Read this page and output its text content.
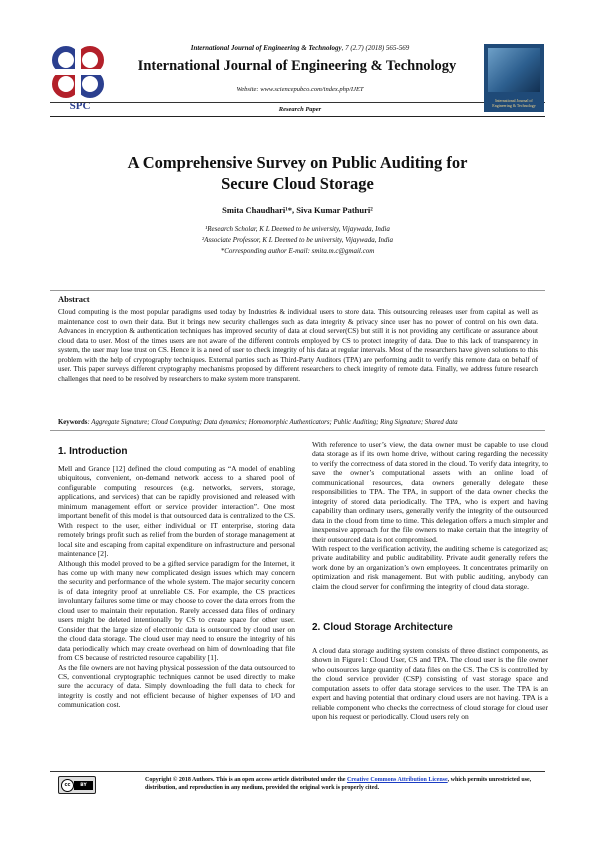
International Journal of Engineering & Technology, 7 (2.7) (2018) 565-569
SPC
International Journal of Engineering & Technology
Website: www.sciencepubco.com/index.php/IJET
Research Paper
International Journal of Engineering & Technology
A Comprehensive Survey on Public Auditing for
Secure Cloud Storage
Smita Chaudhari¹*, Siva Kumar Pathuri²
¹Research Scholar, K L Deemed to be university, Vijaywada, India
²Associate Professor, K L Deemed to be university, Vijaywada, India
*Corresponding author E-mail: smita.m.c@gmail.com
Abstract
Cloud computing is the most popular paradigms used today by Industries & individual users to store data. This outsourcing releases user from capital as well as maintenance cost to own their data. But it brings new security challenges such as data integrity & privacy since user has no power of control on his own data. Advances in encryption & authentication techniques has improved security of data at cloud server(CS) but still it is not providing any certificate or assurance about cloud data to user. Most of the times users are not aware of the different controls employed by CS to protect integrity of data. Due to this lack of transparency in system, the user may lose trust on CS. Hence it is a need of user to check integrity of his data at regular intervals. Most of the researchers have given solutions to this problem with the help of cryptography techniques. External parties such as Third-Party Auditors (TPA) are performing audit to verify this remote data on behalf of user. This paper surveys different cryptography mechanisms proposed by different researchers to check integrity of remote data. Finally, we address future research challenges that need to be resolved by researchers to make system more transparent.
Keywords: Aggregate Signature; Cloud Computing; Data dynamics; Homomorphic Authenticators; Public Auditing; Ring Signature; Shared data
1. Introduction

Mell and Grance [12] defined the cloud computing as “A model of enabling ubiquitous, convenient, on-demand network access to a shared pool of configurable computing resources (e.g. networks, servers, storage, applications, and services) that can be rapidly provisioned and released with minimum management effort or service provider interaction”. One most important benefit of this model is that outsourced data is centralized to the CS. With respect to the user, either individual or IT enterprise, storing data remotely brings profit such as relief from the burden of storage management at local site and escaping from capital expenditure on infrastructure and personal maintenance [2].

Although this model proved to be a gifted service paradigm for the Internet, it has come up with many new complicated design issues which may concern the security and performance of the whole system. The major security concern is of data integrity proof at unreliable CS. For example, the CS practices involuntary failures some time or may choose to cover the data errors from the cloud user to maintain their reputation. Rarely accessed data files of ordinary users might be deleted intentionally by CS to create space for other user. Consider that the large size of electronic data is outsourced by cloud user on the cloud data storage. The cloud user may need to ensure the integrity of his data periodically which may create overhead on him of downloading that file from CS because of restricted resource capability [1].

As the file owners are not having physical possession of the data outsourced to CS, conventional cryptographic techniques cannot be used directly to make sure the accuracy of data. Simply downloading the full data to check for integrity is costly and not efficient because of higher expenses of I/O and communication cost.

With reference to user’s view, the data owner must be capable to use cloud data storage as if its own home drive, without caring regarding the necessity to verify the correctness of data stored in the cloud. To verify data integrity, to save the owner’s computational assets with an online load of communicational resources, data owners generally delegate these responsibilities to TPA. The TPA, in support of the data owner checks the integrity of stored data periodically. The TPA, who is expert and having capability than ordinary users, generally verify the integrity of the outsourced data in the cloud from time to time. This delegation offers a much simpler and inexpensive approach for the file owners to make certain that the integrity of their outsourced data is not compromised.

With respect to the verification activity, the auditing scheme is categorized as; private auditability and public auditability. Private audit generally refers the work done by an organization’s own employees. It concentrates primarily on optimization and risk management. But with public auditing, anybody can claim the cloud server for confirming the integrity of cloud data storage.

2. Cloud Storage Architecture

A cloud data storage auditing system consists of three distinct components, as shown in Figure1: Cloud User, CS and TPA. The cloud user is the file owner who outsources large quantity of data files on the CS. The CS is controlled by the cloud service provider (CSP) consisting of vast storage space and computation assets to offer data storage services to the user. The TPA is an expert and having potential that ordinary cloud users are not having. TPA is a reliable component who checks the correctness of cloud storage for cloud user upon his request or periodically. Cloud users rely on

cc	BY
Copyright © 2018 Authors. This is an open access article distributed under the Creative Commons Attribution License, which permits unrestricted use, distribution, and reproduction in any medium, provided the original work is properly cited.
